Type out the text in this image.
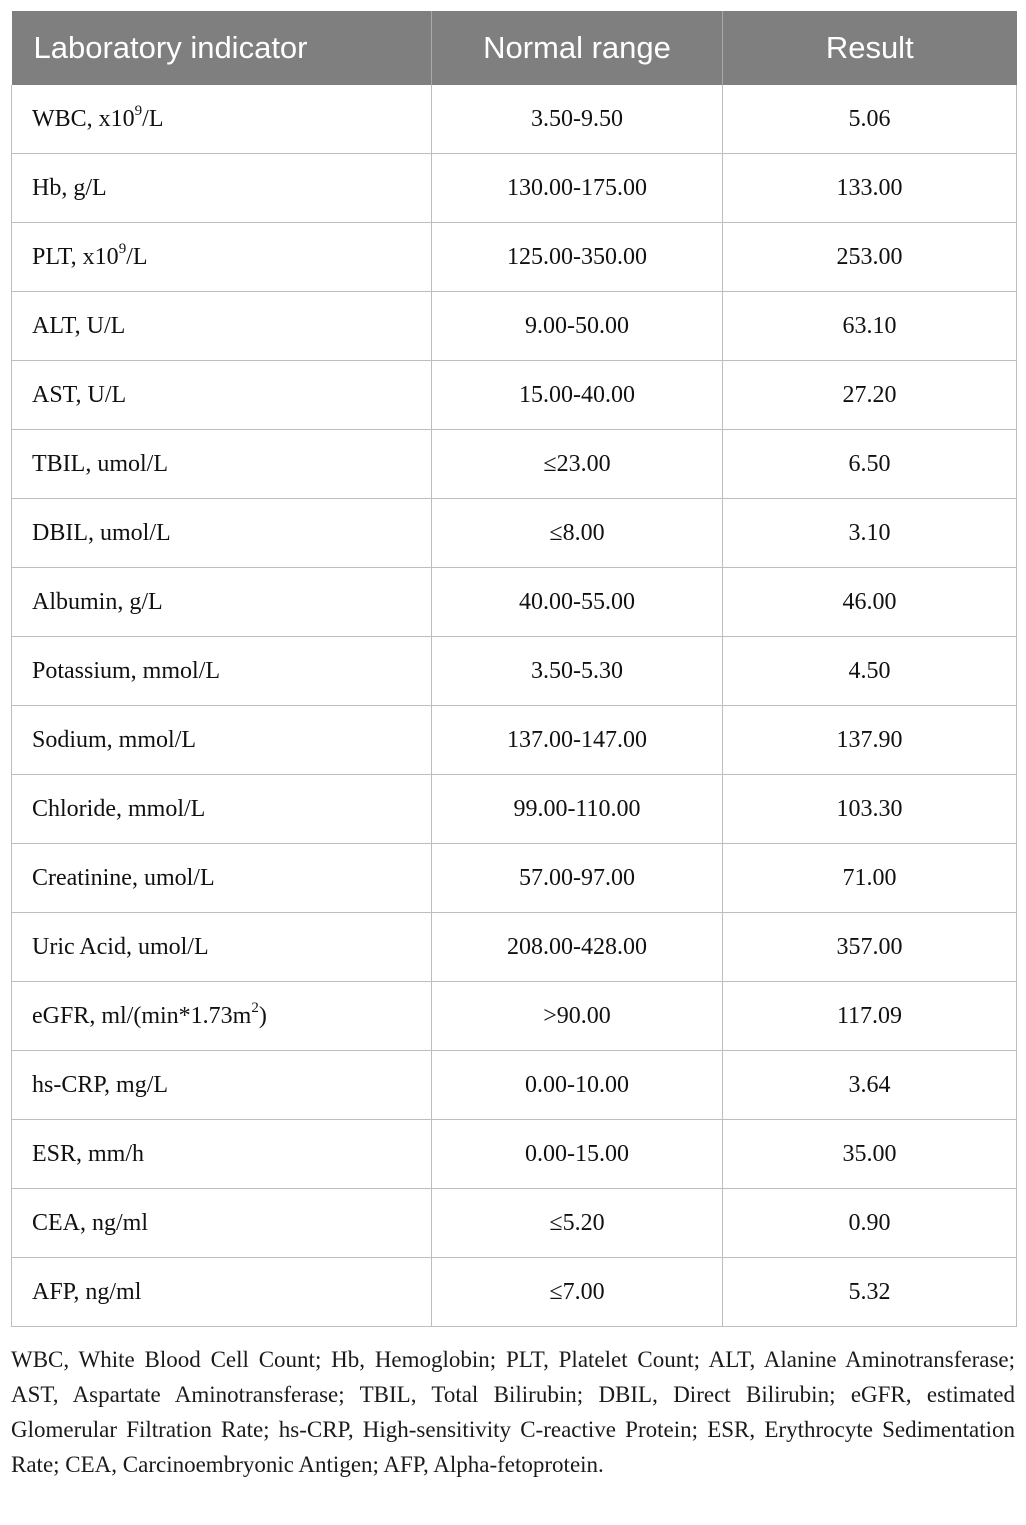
Laboratory indicator	Normal range	Result
WBC, $x10^9/L$	3.50-9.50	5.06
Hb, g/L	130.00-175.00	133.00
PLT, $x10^9/L$	125.00-350.00	253.00
ALT, U/L	9.00-50.00	63.10
AST, U/L	15.00-40.00	27.20
TBIL, umol/L	≤23.00	6.50
DBIL, umol/L	≤8.00	3.10
Albumin, g/L	40.00-55.00	46.00
Potassium, mmol/L	3.50-5.30	4.50
Sodium, mmol/L	137.00-147.00	137.90
Chloride, mmol/L	99.00-110.00	103.30
Creatinine, umol/L	57.00-97.00	71.00
Uric Acid, umol/L	208.00-428.00	357.00
eGFR, $ml/(\min*1.73m^2)$	>90.00	117.09
hs-CRP, mg/L	0.00-10.00	3.64
ESR, mm/h	0.00-15.00	35.00
CEA, ng/ml	≤5.20	0.90
AFP, ng/ml	≤7.00	5.32
WBC, White Blood Cell Count; Hb, Hemoglobin; PLT, Platelet Count; ALT, Alanine Aminotransferase; AST, Aspartate Aminotransferase; TBIL, Total Bilirubin; DBIL, Direct Bilirubin; eGFR, estimated Glomerular Filtration Rate; hs-CRP, High-sensitivity C-reactive Protein; ESR, Erythrocyte Sedimentation Rate; CEA, Carcinoembryonic Antigen; AFP, Alpha-fetoprotein.
